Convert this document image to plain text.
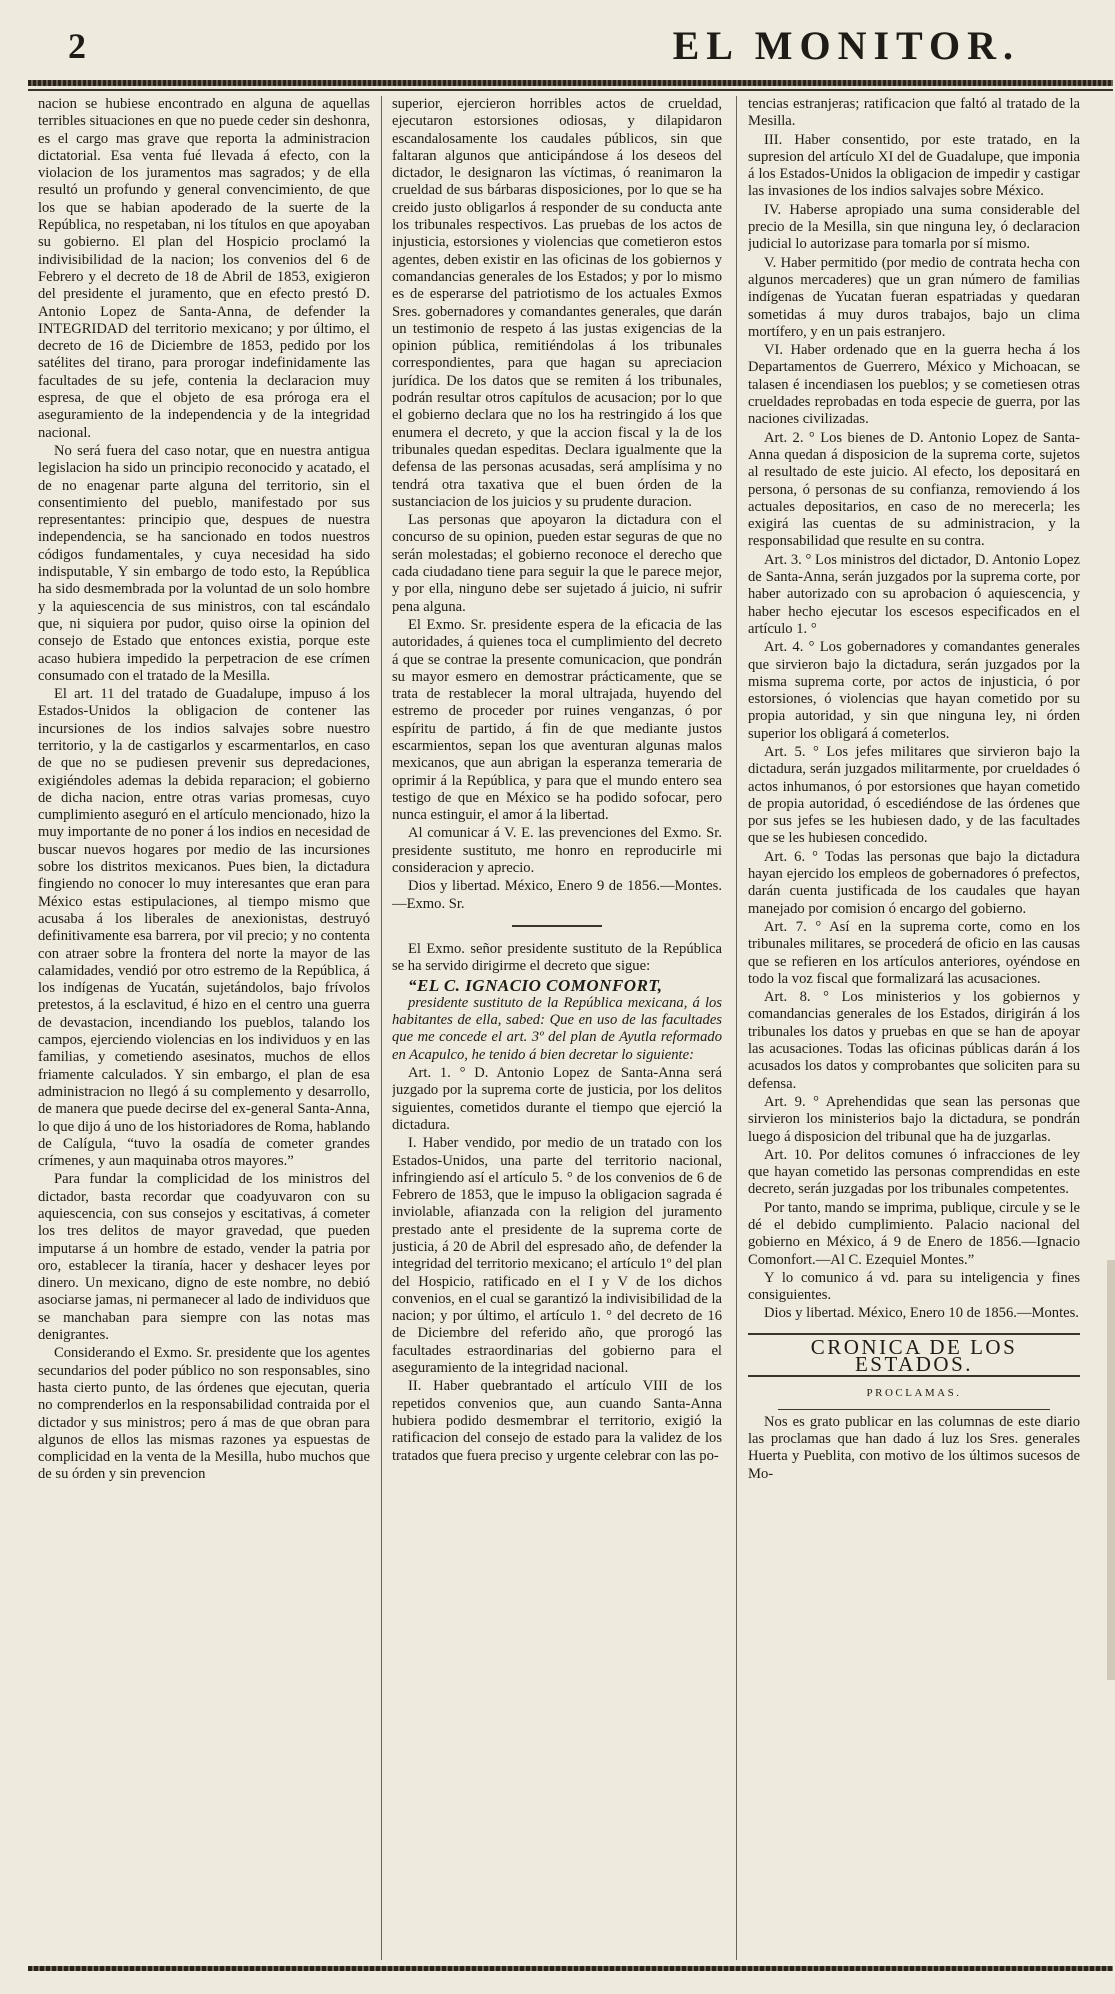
2	EL MONITOR.

nacion se hubiese encontrado en alguna de aquellas terribles situaciones en que no puede ceder sin deshonra, es el cargo mas grave que reporta la administracion dictatorial. Esa venta fué llevada á efecto, con la violacion de los juramentos mas sagrados; y de ella resultó un profundo y general convencimiento, de que los que se habian apoderado de la suerte de la República, no respetaban, ni los títulos en que apoyaban su gobierno. El plan del Hospicio proclamó la indivisibilidad de la nacion; los convenios del 6 de Febrero y el decreto de 18 de Abril de 1853, exigieron del presidente el juramento, que en efecto prestó D. Antonio Lopez de Santa-Anna, de defender la INTEGRIDAD del territorio mexicano; y por último, el decreto de 16 de Diciembre de 1853, pedido por los satélites del tirano, para prorogar indefinidamente las facultades de su jefe, contenia la declaracion muy espresa, de que el objeto de esa próroga era el aseguramiento de la independencia y de la integridad nacional.

No será fuera del caso notar, que en nuestra antigua legislacion ha sido un principio reconocido y acatado, el de no enagenar parte alguna del territorio, sin el consentimiento del pueblo, manifestado por sus representantes: principio que, despues de nuestra independencia, se ha sancionado en todos nuestros códigos fundamentales, y cuya necesidad ha sido indisputable, Y sin embargo de todo esto, la República ha sido desmembrada por la voluntad de un solo hombre y la aquiescencia de sus ministros, con tal escándalo que, ni siquiera por pudor, quiso oirse la opinion del consejo de Estado que entonces existia, porque este acaso hubiera impedido la perpetracion de ese crímen consumado con el tratado de la Mesilla.

El art. 11 del tratado de Guadalupe, impuso á los Estados-Unidos la obligacion de contener las incursiones de los indios salvajes sobre nuestro territorio, y la de castigarlos y escarmentarlos, en caso de que no se pudiesen prevenir sus depredaciones, exigiéndoles ademas la debida reparacion; el gobierno de dicha nacion, entre otras varias promesas, cuyo cumplimiento aseguró en el artículo mencionado, hizo la muy importante de no poner á los indios en necesidad de buscar nuevos hogares por medio de las incursiones sobre los distritos mexicanos. Pues bien, la dictadura fingiendo no conocer lo muy interesantes que eran para México estas estipulaciones, al tiempo mismo que acusaba á los liberales de anexionistas, destruyó definitivamente esa barrera, por vil precio; y no contenta con atraer sobre la frontera del norte la mayor de las calamidades, vendió por otro estremo de la República, á los indígenas de Yucatán, sujetándolos, bajo frívolos pretestos, á la esclavitud, é hizo en el centro una guerra de devastacion, incendiando los pueblos, talando los campos, ejerciendo violencias en los individuos y en las familias, y cometiendo asesinatos, muchos de ellos friamente calculados. Y sin embargo, el plan de esa administracion no llegó á su complemento y desarrollo, de manera que puede decirse del ex-general Santa-Anna, lo que dijo á uno de los historiadores de Roma, hablando de Calígula, “tuvo la osadía de cometer grandes crímenes, y aun maquinaba otros mayores.”

Para fundar la complicidad de los ministros del dictador, basta recordar que coadyuvaron con su aquiescencia, con sus consejos y escitativas, á cometer los tres delitos de mayor gravedad, que pueden imputarse á un hombre de estado, vender la patria por oro, establecer la tiranía, hacer y deshacer leyes por dinero. Un mexicano, digno de este nombre, no debió asociarse jamas, ni permanecer al lado de individuos que se manchaban para siempre con las notas mas denigrantes.

Considerando el Exmo. Sr. presidente que los agentes secundarios del poder público no son responsables, sino hasta cierto punto, de las órdenes que ejecutan, queria no comprenderlos en la responsabilidad contraida por el dictador y sus ministros; pero á mas de que obran para algunos de ellos las mismas razones ya espuestas de complicidad en la venta de la Mesilla, hubo muchos que de su órden y sin prevencion

superior, ejercieron horribles actos de crueldad, ejecutaron estorsiones odiosas, y dilapidaron escandalosamente los caudales públicos, sin que faltaran algunos que anticipándose á los deseos del dictador, le designaron las víctimas, ó reanimaron la crueldad de sus bárbaras disposiciones, por lo que se ha creido justo obligarlos á responder de su conducta ante los tribunales respectivos. Las pruebas de los actos de injusticia, estorsiones y violencias que cometieron estos agentes, deben existir en las oficinas de los gobiernos y comandancias generales de los Estados; y por lo mismo es de esperarse del patriotismo de los actuales Exmos Sres. gobernadores y comandantes generales, que darán un testimonio de respeto á las justas exigencias de la opinion pública, remitiéndolas á los tribunales correspondientes, para que hagan su apreciacion jurídica. De los datos que se remiten á los tribunales, podrán resultar otros capítulos de acusacion; por lo que el gobierno declara que no los ha restringido á los que enumera el decreto, y que la accion fiscal y la de los tribunales quedan espeditas. Declara igualmente que la defensa de las personas acusadas, será amplísima y no tendrá otra taxativa que el buen órden de la sustanciacion de los juicios y su prudente duracion.

Las personas que apoyaron la dictadura con el concurso de su opinion, pueden estar seguras de que no serán molestadas; el gobierno reconoce el derecho que cada ciudadano tiene para seguir la que le parece mejor, y por ella, ninguno debe ser sujetado á juicio, ni sufrir pena alguna.

El Exmo. Sr. presidente espera de la eficacia de las autoridades, á quienes toca el cumplimiento del decreto á que se contrae la presente comunicacion, que pondrán su mayor esmero en demostrar prácticamente, que se trata de restablecer la moral ultrajada, huyendo del estremo de proceder por ruines venganzas, ó por espíritu de partido, á fin de que mediante justos escarmientos, sepan los que aventuran algunas malos mexicanos, que aun abrigan la esperanza temeraria de oprimir á la República, y para que el mundo entero sea testigo de que en México se ha podido sofocar, pero nunca estinguir, el amor á la libertad.

Al comunicar á V. E. las prevenciones del Exmo. Sr. presidente sustituto, me honro en reproducirle mi consideracion y aprecio.

Dios y libertad. México, Enero 9 de 1856.—Montes.—Exmo. Sr.

El Exmo. señor presidente sustituto de la República se ha servido dirigirme el decreto que sigue:

“EL C. IGNACIO COMONFORT,

presidente sustituto de la República mexicana, á los habitantes de ella, sabed: Que en uso de las facultades que me concede el art. 3º del plan de Ayutla reformado en Acapulco, he tenido á bien decretar lo siguiente:

Art. 1. ° D. Antonio Lopez de Santa-Anna será juzgado por la suprema corte de justicia, por los delitos siguientes, cometidos durante el tiempo que ejerció la dictadura.

I. Haber vendido, por medio de un tratado con los Estados-Unidos, una parte del territorio nacional, infringiendo así el artículo 5. ° de los convenios de 6 de Febrero de 1853, que le impuso la obligacion sagrada é inviolable, afianzada con la religion del juramento prestado ante el presidente de la suprema corte de justicia, á 20 de Abril del espresado año, de defender la integridad del territorio mexicano; el artículo 1º del plan del Hospicio, ratificado en el I y V de los dichos convenios, en el cual se garantizó la indivisibilidad de la nacion; y por último, el artículo 1. ° del decreto de 16 de Diciembre del referido año, que prorogó las facultades estraordinarias del gobierno para el aseguramiento de la integridad nacional.

II. Haber quebrantado el artículo VIII de los repetidos convenios que, aun cuando Santa-Anna hubiera podido desmembrar el territorio, exigió la ratificacion del consejo de estado para la validez de los tratados que fuera preciso y urgente celebrar con las po-

tencias estranjeras; ratificacion que faltó al tratado de la Mesilla.

III. Haber consentido, por este tratado, en la supresion del artículo XI del de Guadalupe, que imponia á los Estados-Unidos la obligacion de impedir y castigar las invasiones de los indios salvajes sobre México.

IV. Haberse apropiado una suma considerable del precio de la Mesilla, sin que ninguna ley, ó declaracion judicial lo autorizase para tomarla por sí mismo.

V. Haber permitido (por medio de contrata hecha con algunos mercaderes) que un gran número de familias indígenas de Yucatan fueran espatriadas y quedaran sometidas á muy duros trabajos, bajo un clima mortífero, y en un pais estranjero.

VI. Haber ordenado que en la guerra hecha á los Departamentos de Guerrero, México y Michoacan, se talasen é incendiasen los pueblos; y se cometiesen otras crueldades reprobadas en toda especie de guerra, por las naciones civilizadas.

Art. 2. ° Los bienes de D. Antonio Lopez de Santa-Anna quedan á disposicion de la suprema corte, sujetos al resultado de este juicio. Al efecto, los depositará en persona, ó personas de su confianza, removiendo á los actuales depositarios, en caso de no merecerla; les exigirá las cuentas de su administracion, y la responsabilidad que resulte en su contra.

Art. 3. ° Los ministros del dictador, D. Antonio Lopez de Santa-Anna, serán juzgados por la suprema corte, por haber autorizado con su aprobacion ó aquiescencia, y haber hecho ejecutar los escesos especificados en el artículo 1. °

Art. 4. ° Los gobernadores y comandantes generales que sirvieron bajo la dictadura, serán juzgados por la misma suprema corte, por actos de injusticia, ó por estorsiones, ó violencias que hayan cometido por su propia autoridad, y sin que ninguna ley, ni órden superior los obligará á cometerlos.

Art. 5. ° Los jefes militares que sirvieron bajo la dictadura, serán juzgados militarmente, por crueldades ó actos inhumanos, ó por estorsiones que hayan cometido de propia autoridad, ó escediéndose de las órdenes que por sus jefes se les hubiesen dado, y de las facultades que se les hubiesen concedido.

Art. 6. ° Todas las personas que bajo la dictadura hayan ejercido los empleos de gobernadores ó prefectos, darán cuenta justificada de los caudales que hayan manejado por comision ó encargo del gobierno.

Art. 7. ° Así en la suprema corte, como en los tribunales militares, se procederá de oficio en las causas que se refieren en los artículos anteriores, oyéndose en todo la voz fiscal que formalizará las acusaciones.

Art. 8. ° Los ministerios y los gobiernos y comandancias generales de los Estados, dirigirán á los tribunales los datos y pruebas en que se han de apoyar las acusaciones. Todas las oficinas públicas darán á los acusados los datos y comprobantes que soliciten para su defensa.

Art. 9. ° Aprehendidas que sean las personas que sirvieron los ministerios bajo la dictadura, se pondrán luego á disposicion del tribunal que ha de juzgarlas.

Art. 10. Por delitos comunes ó infracciones de ley que hayan cometido las personas comprendidas en este decreto, serán juzgadas por los tribunales competentes.

Por tanto, mando se imprima, publique, circule y se le dé el debido cumplimiento. Palacio nacional del gobierno en México, á 9 de Enero de 1856.—Ignacio Comonfort.—Al C. Ezequiel Montes.”

Y lo comunico á vd. para su inteligencia y fines consiguientes.

Dios y libertad. México, Enero 10 de 1856.—Montes.

CRONICA DE LOS ESTADOS.
PROCLAMAS.

Nos es grato publicar en las columnas de este diario las proclamas que han dado á luz los Sres. generales Huerta y Pueblita, con motivo de los últimos sucesos de Mo-
